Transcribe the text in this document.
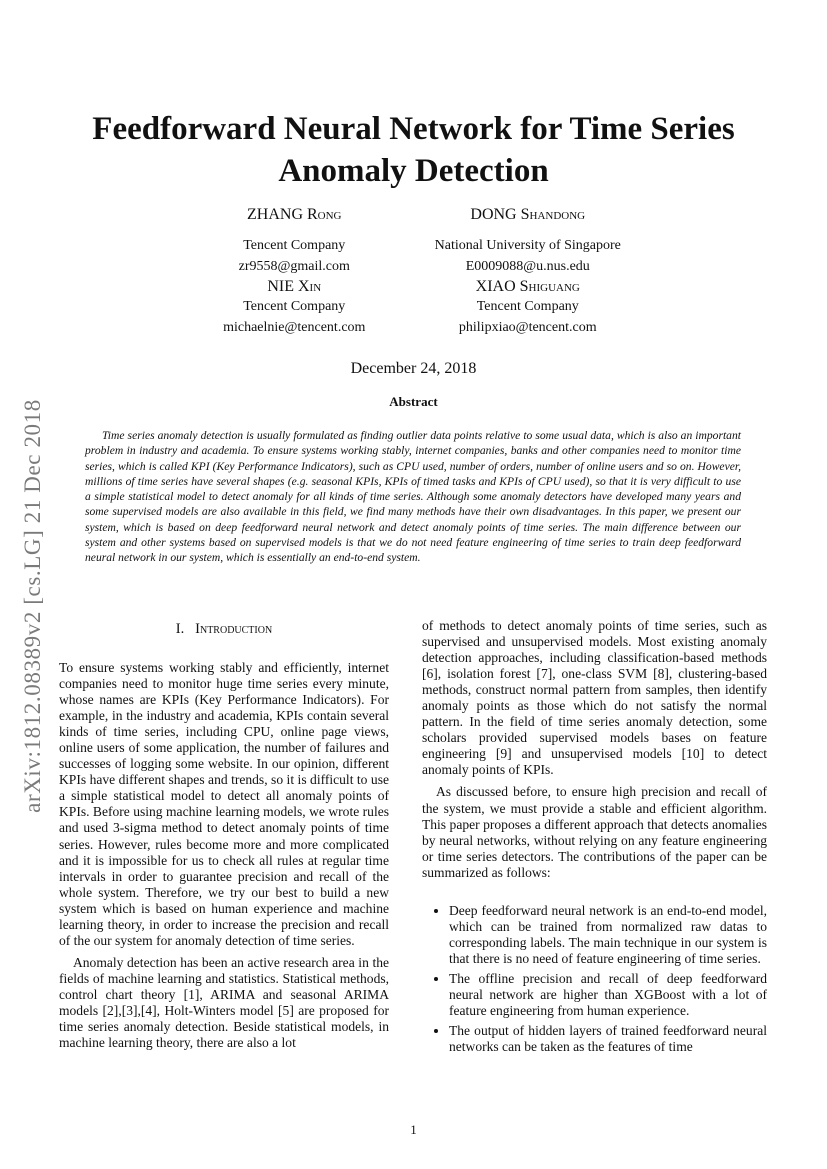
arXiv:1812.08389v2 [cs.LG] 21 Dec 2018
Feedforward Neural Network for Time Series Anomaly Detection
ZHANG Rong
Tencent Company
zr9558@gmail.com
NIE Xin
Tencent Company
michaelnie@tencent.com
DONG Shandong
National University of Singapore
E0009088@u.nus.edu
XIAO Shiguang
Tencent Company
philipxiao@tencent.com
December 24, 2018
Abstract

Time series anomaly detection is usually formulated as finding outlier data points relative to some usual data, which is also an important problem in industry and academia. To ensure systems working stably, internet companies, banks and other companies need to monitor time series, which is called KPI (Key Performance Indicators), such as CPU used, number of orders, number of online users and so on. However, millions of time series have several shapes (e.g. seasonal KPIs, KPIs of timed tasks and KPIs of CPU used), so that it is very difficult to use a simple statistical model to detect anomaly for all kinds of time series. Although some anomaly detectors have developed many years and some supervised models are also available in this field, we find many methods have their own disadvantages. In this paper, we present our system, which is based on deep feedforward neural network and detect anomaly points of time series. The main difference between our system and other systems based on supervised models is that we do not need feature engineering of time series to train deep feedforward neural network in our system, which is essentially an end-to-end system.

I. Introduction

To ensure systems working stably and efficiently, internet companies need to monitor huge time series every minute, whose names are KPIs (Key Performance Indicators). For example, in the industry and academia, KPIs contain several kinds of time series, including CPU, online page views, online users of some application, the number of failures and successes of logging some website. In our opinion, different KPIs have different shapes and trends, so it is difficult to use a simple statistical model to detect all anomaly points of KPIs. Before using machine learning models, we wrote rules and used 3-sigma method to detect anomaly points of time series. However, rules become more and more complicated and it is impossible for us to check all rules at regular time intervals in order to guarantee precision and recall of the whole system. Therefore, we try our best to build a new system which is based on human experience and machine learning theory, in order to increase the precision and recall of the our system for anomaly detection of time series.

Anomaly detection has been an active research area in the fields of machine learning and statistics. Statistical methods, control chart theory [1], ARIMA and seasonal ARIMA models [2],[3],[4], Holt-Winters model [5] are proposed for time series anomaly detection. Beside statistical models, in machine learning theory, there are also a lot

of methods to detect anomaly points of time series, such as supervised and unsupervised models. Most existing anomaly detection approaches, including classification-based methods [6], isolation forest [7], one-class SVM [8], clustering-based methods, construct normal pattern from samples, then identify anomaly points as those which do not satisfy the normal pattern. In the field of time series anomaly detection, some scholars provided supervised models bases on feature engineering [9] and unsupervised models [10] to detect anomaly points of KPIs.

As discussed before, to ensure high precision and recall of the system, we must provide a stable and efficient algorithm. This paper proposes a different approach that detects anomalies by neural networks, without relying on any feature engineering or time series detectors. The contributions of the paper can be summarized as follows:

• Deep feedforward neural network is an end-to-end model, which can be trained from normalized raw datas to corresponding labels. The main technique in our system is that there is no need of feature engineering of time series.
• The offline precision and recall of deep feedforward neural network are higher than XGBoost with a lot of feature engineering from human experience.
• The output of hidden layers of trained feedforward neural networks can be taken as the features of time
1
